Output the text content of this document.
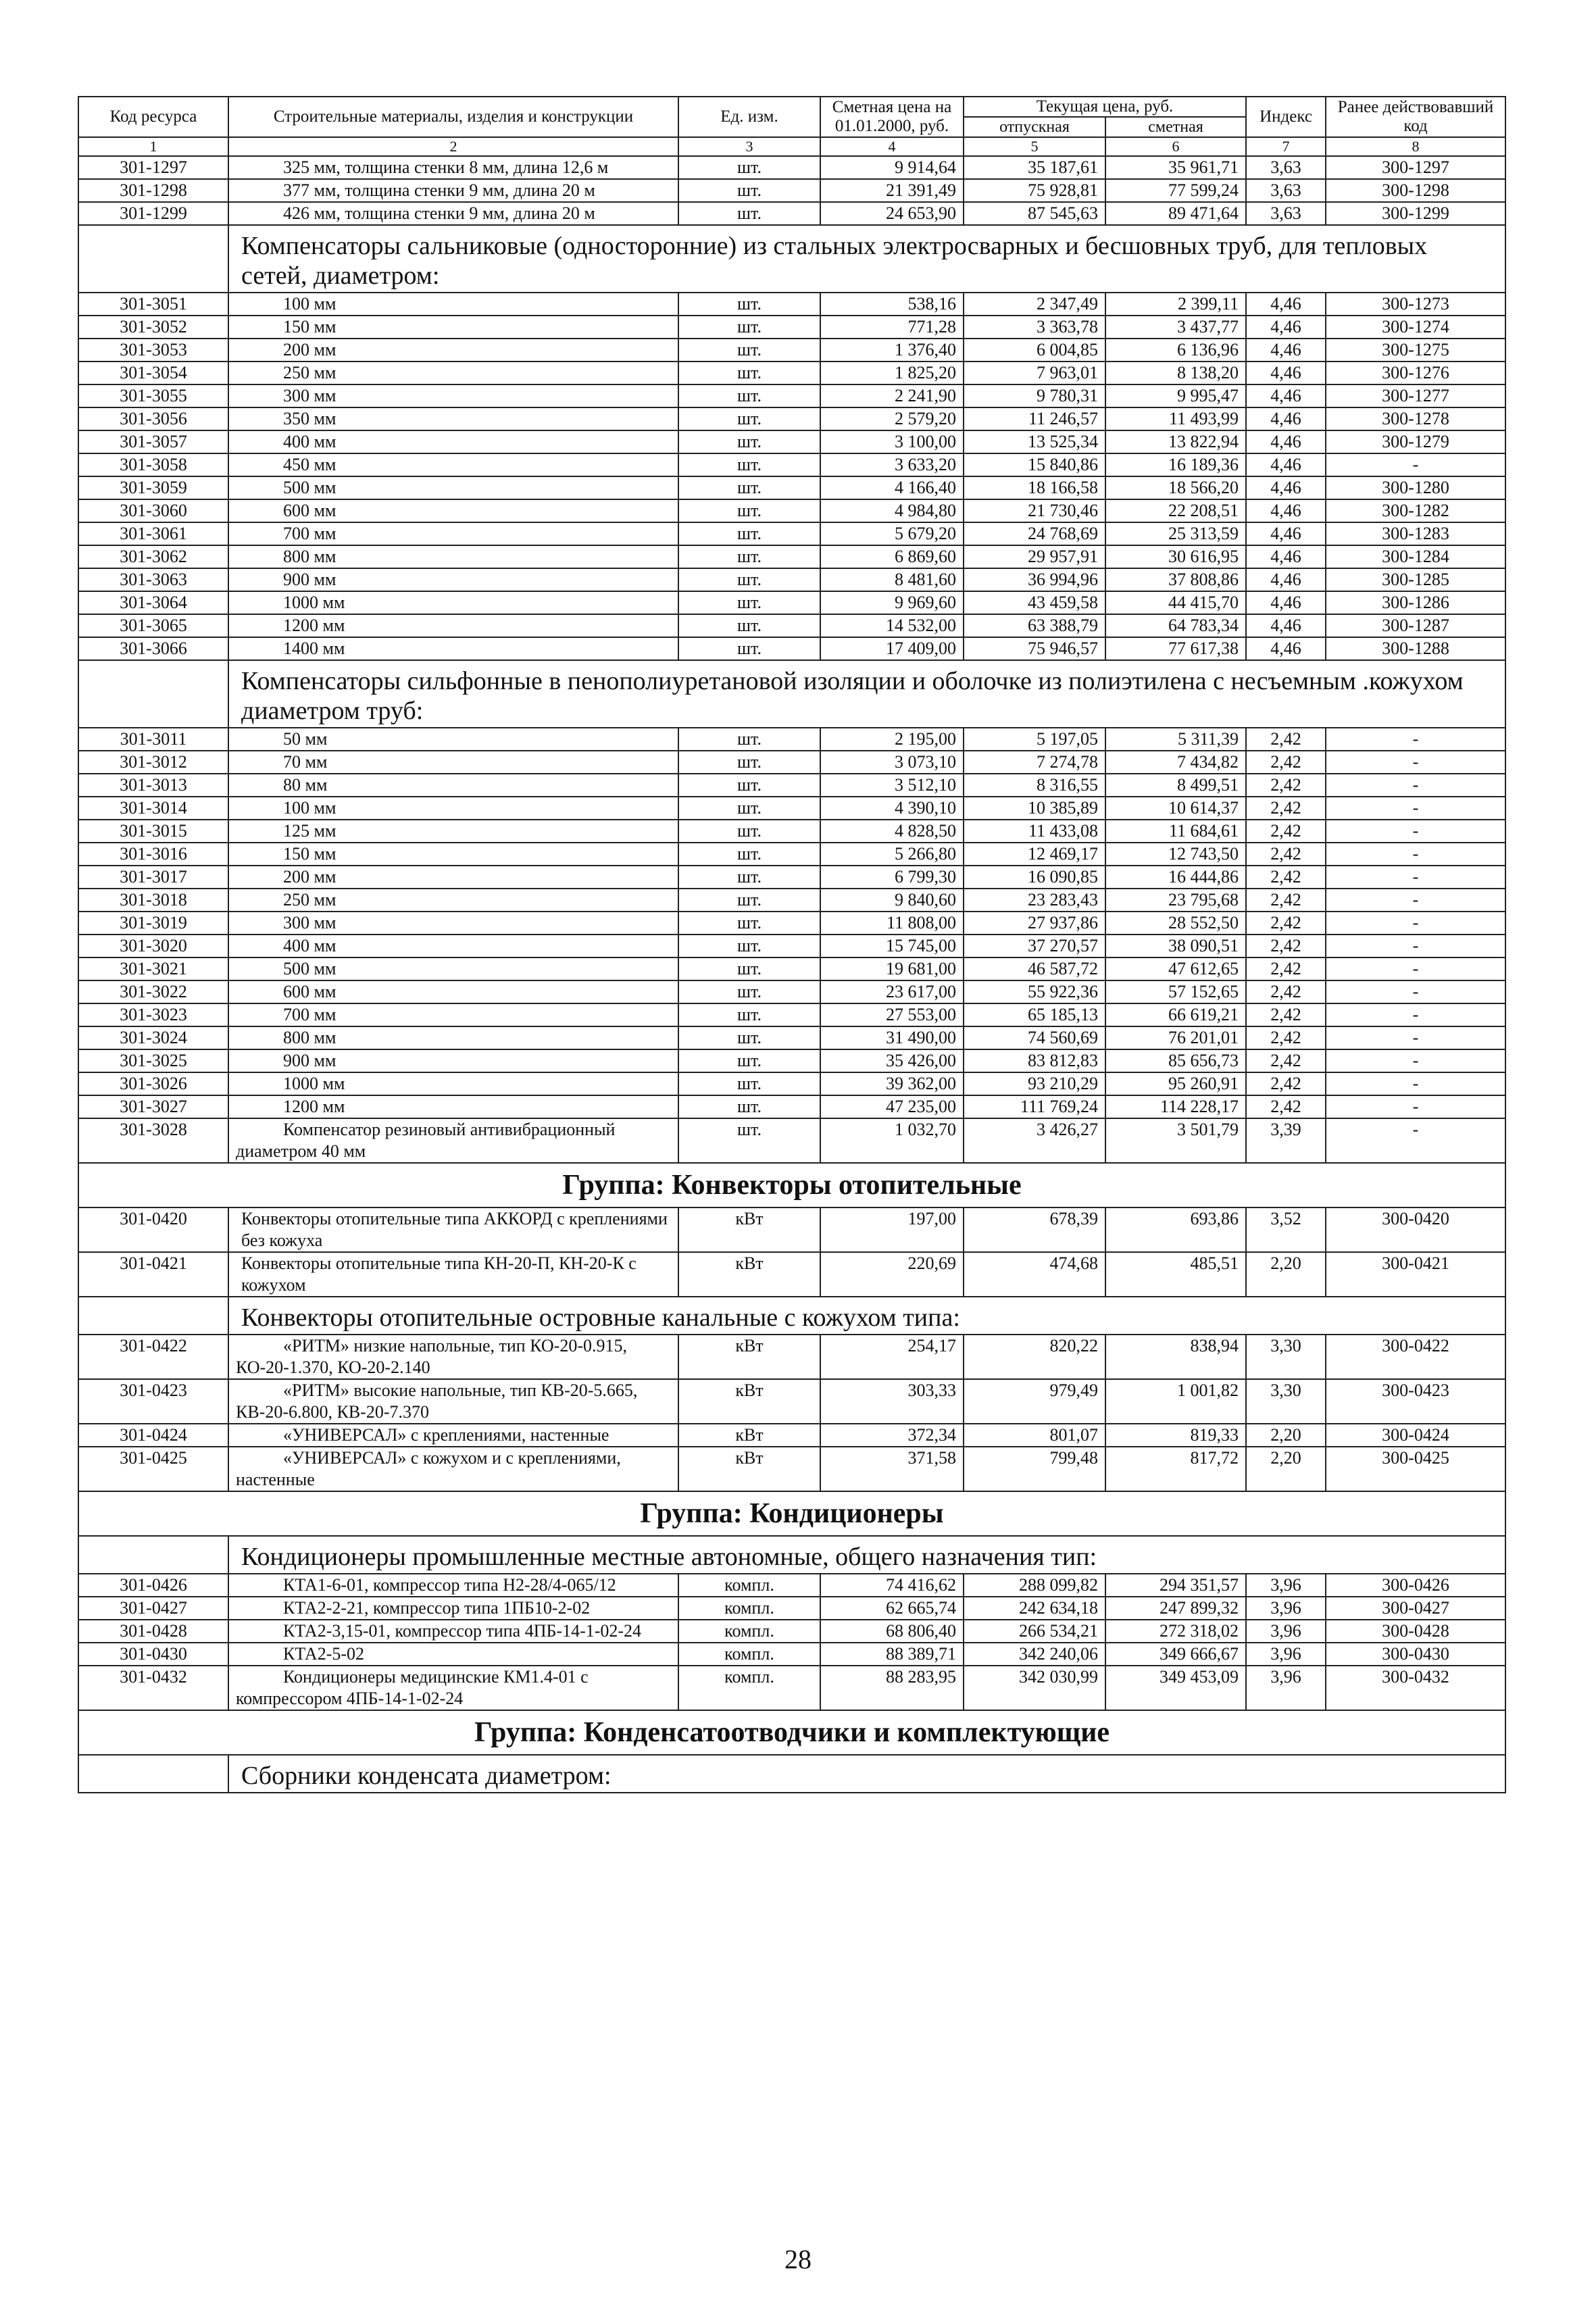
Код ресурса	Строительные материалы, изделия и конструкции	Ед. изм.	Сметная цена на 01.01.2000, руб.	Текущая цена, руб.		Индекс	Ранее действовавший код
				отпускная	сметная		
1	2	3	4	5	6	7	8
301-1297	325 мм, толщина стенки 8 мм, длина 12,6 м	шт.	9 914,64	35 187,61	35 961,71	3,63	300-1297
301-1298	377 мм, толщина стенки 9 мм, длина 20 м	шт.	21 391,49	75 928,81	77 599,24	3,63	300-1298
301-1299	426 мм, толщина стенки 9 мм, длина 20 м	шт.	24 653,90	87 545,63	89 471,64	3,63	300-1299
	Компенсаторы сальниковые (односторонние) из стальных электросварных и бесшовных труб, для тепловых сетей, диаметром:						
301-3051	100 мм	шт.	538,16	2 347,49	2 399,11	4,46	300-1273
301-3052	150 мм	шт.	771,28	3 363,78	3 437,77	4,46	300-1274
301-3053	200 мм	шт.	1 376,40	6 004,85	6 136,96	4,46	300-1275
301-3054	250 мм	шт.	1 825,20	7 963,01	8 138,20	4,46	300-1276
301-3055	300 мм	шт.	2 241,90	9 780,31	9 995,47	4,46	300-1277
301-3056	350 мм	шт.	2 579,20	11 246,57	11 493,99	4,46	300-1278
301-3057	400 мм	шт.	3 100,00	13 525,34	13 822,94	4,46	300-1279
301-3058	450 мм	шт.	3 633,20	15 840,86	16 189,36	4,46	-
301-3059	500 мм	шт.	4 166,40	18 166,58	18 566,20	4,46	300-1280
301-3060	600 мм	шт.	4 984,80	21 730,46	22 208,51	4,46	300-1282
301-3061	700 мм	шт.	5 679,20	24 768,69	25 313,59	4,46	300-1283
301-3062	800 мм	шт.	6 869,60	29 957,91	30 616,95	4,46	300-1284
301-3063	900 мм	шт.	8 481,60	36 994,96	37 808,86	4,46	300-1285
301-3064	1000 мм	шт.	9 969,60	43 459,58	44 415,70	4,46	300-1286
301-3065	1200 мм	шт.	14 532,00	63 388,79	64 783,34	4,46	300-1287
301-3066	1400 мм	шт.	17 409,00	75 946,57	77 617,38	4,46	300-1288
	Компенсаторы сильфонные в пенополиуретановой изоляции и оболочке из полиэтилена с несъемным .кожухом диаметром труб:						
301-3011	50 мм	шт.	2 195,00	5 197,05	5 311,39	2,42	-
301-3012	70 мм	шт.	3 073,10	7 274,78	7 434,82	2,42	-
301-3013	80 мм	шт.	3 512,10	8 316,55	8 499,51	2,42	-
301-3014	100 мм	шт.	4 390,10	10 385,89	10 614,37	2,42	-
301-3015	125 мм	шт.	4 828,50	11 433,08	11 684,61	2,42	-
301-3016	150 мм	шт.	5 266,80	12 469,17	12 743,50	2,42	-
301-3017	200 мм	шт.	6 799,30	16 090,85	16 444,86	2,42	-
301-3018	250 мм	шт.	9 840,60	23 283,43	23 795,68	2,42	-
301-3019	300 мм	шт.	11 808,00	27 937,86	28 552,50	2,42	-
301-3020	400 мм	шт.	15 745,00	37 270,57	38 090,51	2,42	-
301-3021	500 мм	шт.	19 681,00	46 587,72	47 612,65	2,42	-
301-3022	600 мм	шт.	23 617,00	55 922,36	57 152,65	2,42	-
301-3023	700 мм	шт.	27 553,00	65 185,13	66 619,21	2,42	-
301-3024	800 мм	шт.	31 490,00	74 560,69	76 201,01	2,42	-
301-3025	900 мм	шт.	35 426,00	83 812,83	85 656,73	2,42	-
301-3026	1000 мм	шт.	39 362,00	93 210,29	95 260,91	2,42	-
301-3027	1200 мм	шт.	47 235,00	111 769,24	114 228,17	2,42	-
301-3028	Компенсатор резиновый антивибрационный диаметром 40 мм	шт.	1 032,70	3 426,27	3 501,79	3,39	-
Группа: Конвекторы отопительные							
301-0420	Конвекторы отопительные типа АККОРД с креплениями без кожуха	кВт	197,00	678,39	693,86	3,52	300-0420
301-0421	Конвекторы отопительные типа КН-20-П, КН-20-К с кожухом	кВт	220,69	474,68	485,51	2,20	300-0421
	Конвекторы отопительные островные канальные с кожухом типа:						
301-0422	«РИТМ» низкие напольные, тип КО-20-0.915, КО-20-1.370, КО-20-2.140	кВт	254,17	820,22	838,94	3,30	300-0422
301-0423	«РИТМ» высокие напольные, тип КВ-20-5.665, КВ-20-6.800, КВ-20-7.370	кВт	303,33	979,49	1 001,82	3,30	300-0423
301-0424	«УНИВЕРСАЛ» с креплениями, настенные	кВт	372,34	801,07	819,33	2,20	300-0424
301-0425	«УНИВЕРСАЛ» с кожухом и с креплениями, настенные	кВт	371,58	799,48	817,72	2,20	300-0425
Группа: Кондиционеры							
	Кондиционеры промышленные местные автономные, общего назначения тип:						
301-0426	КТА1-6-01, компрессор типа Н2-28/4-065/12	компл.	74 416,62	288 099,82	294 351,57	3,96	300-0426
301-0427	КТА2-2-21, компрессор типа 1ПБ10-2-02	компл.	62 665,74	242 634,18	247 899,32	3,96	300-0427
301-0428	КТА2-3,15-01, компрессор типа 4ПБ-14-1-02-24	компл.	68 806,40	266 534,21	272 318,02	3,96	300-0428
301-0430	КТА2-5-02	компл.	88 389,71	342 240,06	349 666,67	3,96	300-0430
301-0432	Кондиционеры медицинские КМ1.4-01 с компрессором 4ПБ-14-1-02-24	компл.	88 283,95	342 030,99	349 453,09	3,96	300-0432
Группа: Конденсатоотводчики и комплектующие							
	Сборники конденсата диаметром:						
28
